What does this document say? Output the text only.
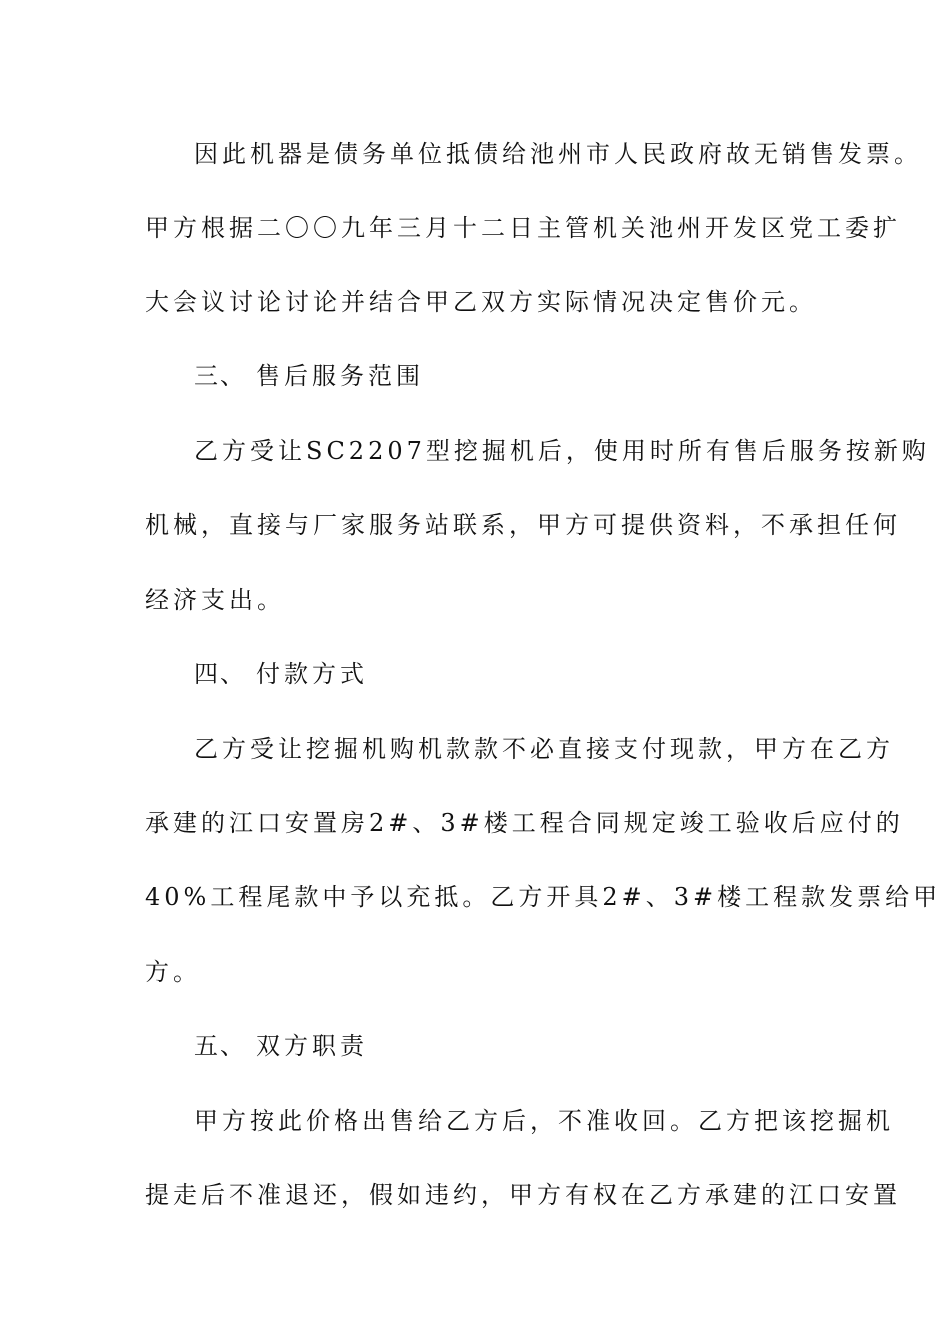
因此机器是债务单位抵债给池州市人民政府故无销售发票。
甲方根据二〇〇九年三月十二日主管机关池州开发区党工委扩
大会议讨论讨论并结合甲乙双方实际情况决定售价元。
三、 售后服务范围
乙方受让SC2207型挖掘机后，使用时所有售后服务按新购
机械，直接与厂家服务站联系，甲方可提供资料，不承担任何
经济支出。
四、 付款方式
乙方受让挖掘机购机款款不必直接支付现款，甲方在乙方
承建的江口安置房2#、3#楼工程合同规定竣工验收后应付的
40%工程尾款中予以充抵。乙方开具2#、3#楼工程款发票给甲
方。
五、 双方职责
甲方按此价格出售给乙方后，不准收回。乙方把该挖掘机
提走后不准退还，假如违约，甲方有权在乙方承建的江口安置
